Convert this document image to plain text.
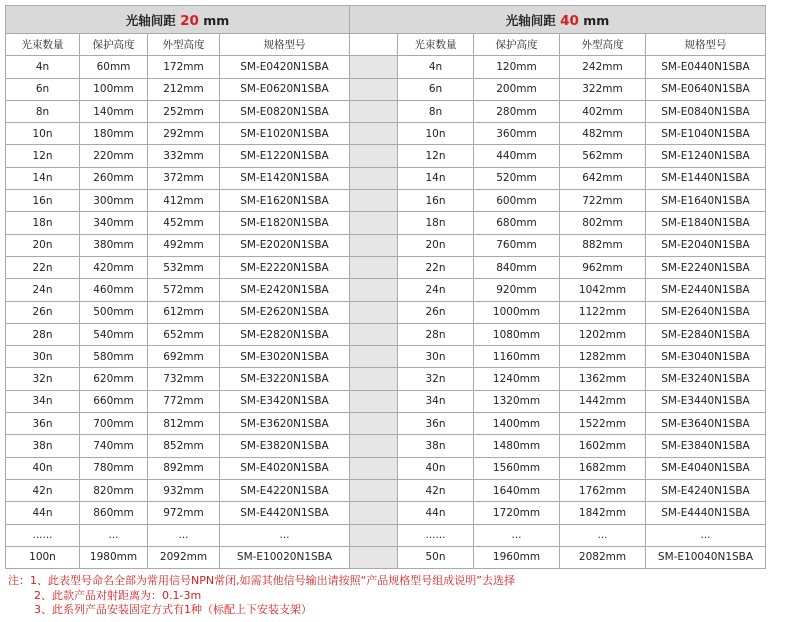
光轴间距 20 mm			
光束数量	保护高度	外型高度	规格型号
4n	60mm	172mm	SM-E0420N1SBA
6n	100mm	212mm	SM-E0620N1SBA
8n	140mm	252mm	SM-E0820N1SBA
10n	180mm	292mm	SM-E1020N1SBA
12n	220mm	332mm	SM-E1220N1SBA
14n	260mm	372mm	SM-E1420N1SBA
16n	300mm	412mm	SM-E1620N1SBA
18n	340mm	452mm	SM-E1820N1SBA
20n	380mm	492mm	SM-E2020N1SBA
22n	420mm	532mm	SM-E2220N1SBA
24n	460mm	572mm	SM-E2420N1SBA
26n	500mm	612mm	SM-E2620N1SBA
28n	540mm	652mm	SM-E2820N1SBA
30n	580mm	692mm	SM-E3020N1SBA
32n	620mm	732mm	SM-E3220N1SBA
34n	660mm	772mm	SM-E3420N1SBA
36n	700mm	812mm	SM-E3620N1SBA
38n	740mm	852mm	SM-E3820N1SBA
40n	780mm	892mm	SM-E4020N1SBA
42n	820mm	932mm	SM-E4220N1SBA
44n	860mm	972mm	SM-E4420N1SBA
......	...	...	...
100n	1980mm	2092mm	SM-E10020N1SBA
光轴间距 40 mm				
	光束数量	保护高度	外型高度	规格型号
	4n	120mm	242mm	SM-E0440N1SBA
	6n	200mm	322mm	SM-E0640N1SBA
	8n	280mm	402mm	SM-E0840N1SBA
	10n	360mm	482mm	SM-E1040N1SBA
	12n	440mm	562mm	SM-E1240N1SBA
	14n	520mm	642mm	SM-E1440N1SBA
	16n	600mm	722mm	SM-E1640N1SBA
	18n	680mm	802mm	SM-E1840N1SBA
	20n	760mm	882mm	SM-E2040N1SBA
	22n	840mm	962mm	SM-E2240N1SBA
	24n	920mm	1042mm	SM-E2440N1SBA
	26n	1000mm	1122mm	SM-E2640N1SBA
	28n	1080mm	1202mm	SM-E2840N1SBA
	30n	1160mm	1282mm	SM-E3040N1SBA
	32n	1240mm	1362mm	SM-E3240N1SBA
	34n	1320mm	1442mm	SM-E3440N1SBA
	36n	1400mm	1522mm	SM-E3640N1SBA
	38n	1480mm	1602mm	SM-E3840N1SBA
	40n	1560mm	1682mm	SM-E4040N1SBA
	42n	1640mm	1762mm	SM-E4240N1SBA
	44n	1720mm	1842mm	SM-E4440N1SBA
	......	...	...	...
	50n	1960mm	2082mm	SM-E10040N1SBA
注：1、此表型号命名全部为常用信号NPN常闭,如需其他信号输出请按照“产品规格型号组成说明”去选择
2、此款产品对射距离为：0.1-3m
3、此系列产品安装固定方式有1种（标配上下安装支架）
